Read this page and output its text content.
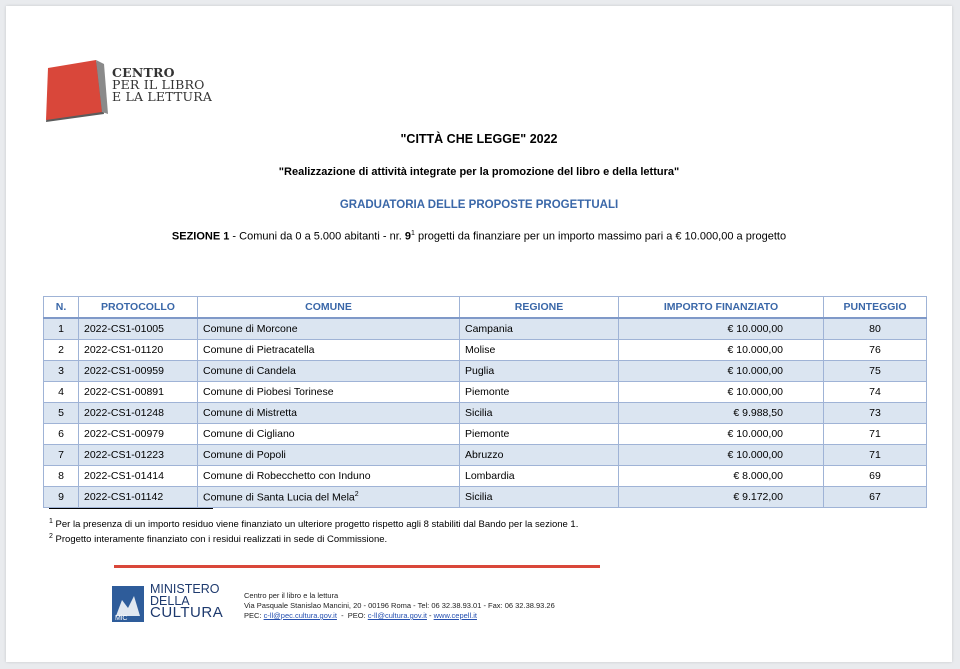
CENTRO
PER IL LIBRO
E LA LETTURA
"CITTÀ CHE LEGGE" 2022
"Realizzazione di attività integrate per la promozione del libro e della lettura"
GRADUATORIA DELLE PROPOSTE PROGETTUALI
SEZIONE 1 - Comuni da 0 a 5.000 abitanti - nr. $9^1$ progetti da finanziare per un importo massimo pari a € 10.000,00 a progetto
N.	PROTOCOLLO	COMUNE	REGIONE	IMPORTO FINANZIATO	PUNTEGGIO
1	2022-CS1-01005	Comune di Morcone	Campania	€ 10.000,00	80
2	2022-CS1-01120	Comune di Pietracatella	Molise	€ 10.000,00	76
3	2022-CS1-00959	Comune di Candela	Puglia	€ 10.000,00	75
4	2022-CS1-00891	Comune di Piobesi Torinese	Piemonte	€ 10.000,00	74
5	2022-CS1-01248	Comune di Mistretta	Sicilia	€ 9.988,50	73
6	2022-CS1-00979	Comune di Cigliano	Piemonte	€ 10.000,00	71
7	2022-CS1-01223	Comune di Popoli	Abruzzo	€ 10.000,00	71
8	2022-CS1-01414	Comune di Robecchetto con Induno	Lombardia	€ 8.000,00	69
9	2022-CS1-01142	Comune di Santa Lucia del Mela$^2$	Sicilia	€ 9.172,00	67
$^1$ Per la presenza di un importo residuo viene finanziato un ulteriore progetto rispetto agli 8 stabiliti dal Bando per la sezione 1.
$^2$ Progetto interamente finanziato con i residui realizzati in sede di Commissione.
MiC
MINISTERO
DELLA
CULTURA
Centro per il libro e la lettura
Via Pasquale Stanislao Mancini, 20 - 00196 Roma - Tel: 06 32.38.93.01 - Fax: 06 32.38.93.26
PEC: c-ll@pec.cultura.gov.it  -  PEO: c-ll@cultura.gov.it - www.cepell.it
